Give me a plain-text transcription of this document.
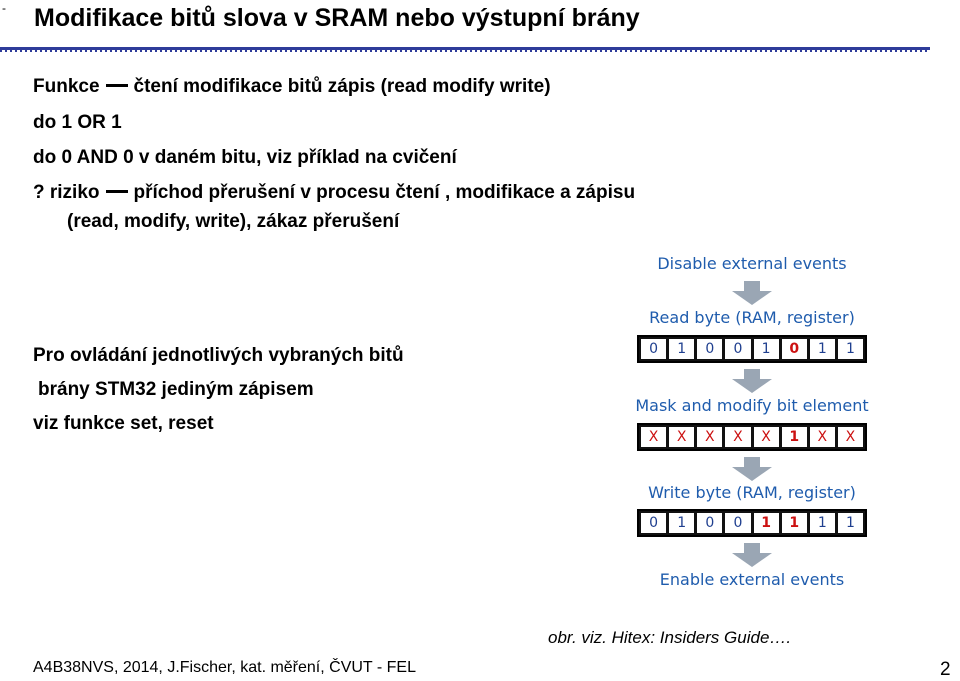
- Modifikace bitů slova v SRAM nebo výstupní brány
Funkce čtení modifikace bitů zápis (read modify write)
do 1 OR 1
do 0 AND 0 v daném bitu, viz příklad na cvičení
? riziko příchod přerušení v procesu čtení , modifikace a zápisu
(read, modify, write), zákaz přerušení
Pro ovládání jednotlivých vybraných bitů
brány STM32 jediným zápisem
viz funkce set, reset
Disable external events
Read byte (RAM, register)
0	1	0	0	1	0	1	1
Mask and modify bit element
X	X	X	X	X	1	X	X
Write byte (RAM, register)
0	1	0	0	1	1	1	1
Enable external events
obr. viz. Hitex: Insiders Guide….
A4B38NVS, 2014, J.Fischer, kat. měření, ČVUT - FEL	2
